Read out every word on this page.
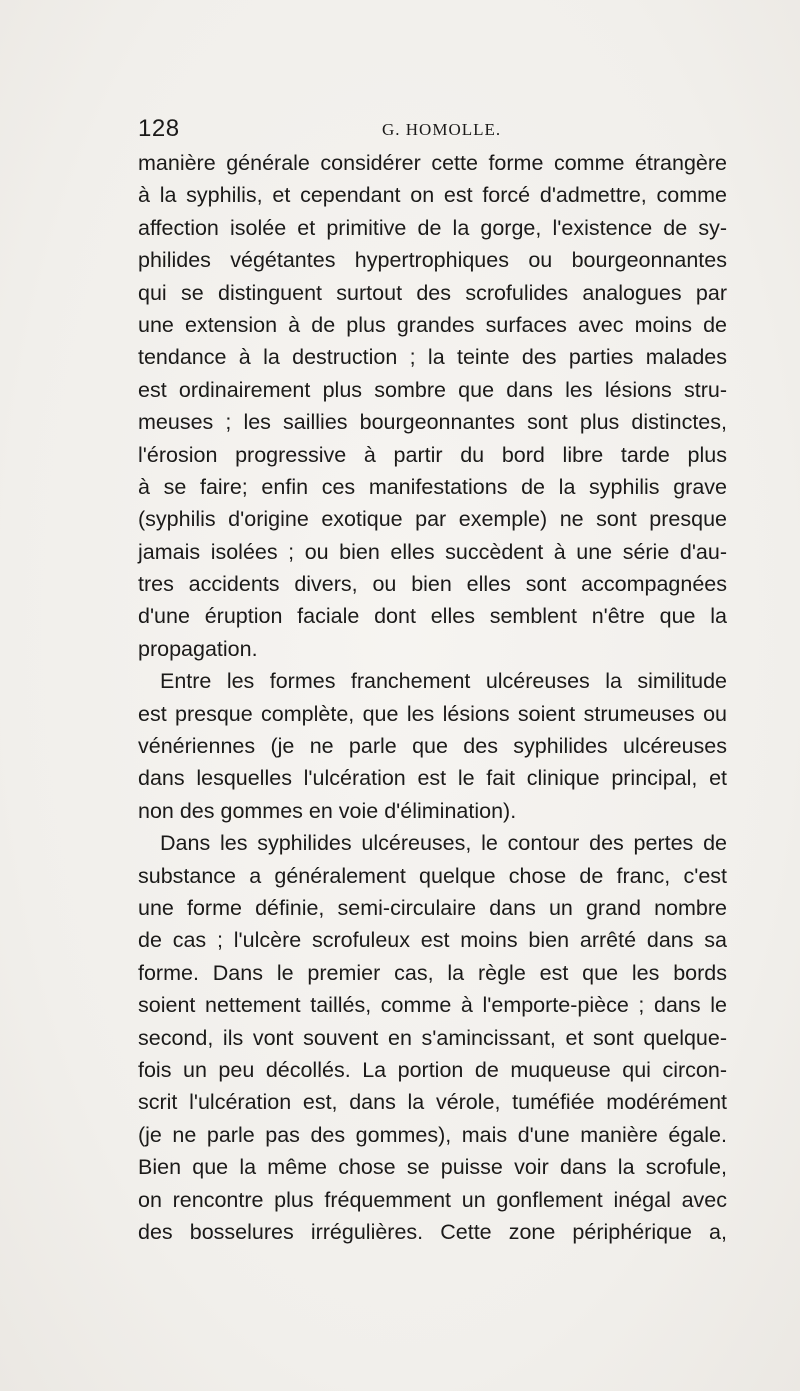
128	G. HOMOLLE.
manière générale considérer cette forme comme étrangère
à la syphilis, et cependant on est forcé d'admettre, comme
affection isolée et primitive de la gorge, l'existence de sy-
philides végétantes hypertrophiques ou bourgeonnantes
qui se distinguent surtout des scrofulides analogues par
une extension à de plus grandes surfaces avec moins de
tendance à la destruction ; la teinte des parties malades
est ordinairement plus sombre que dans les lésions stru-
meuses ; les saillies bourgeonnantes sont plus distinctes,
l'érosion progressive à partir du bord libre tarde plus
à se faire; enfin ces manifestations de la syphilis grave
(syphilis d'origine exotique par exemple) ne sont presque
jamais isolées ; ou bien elles succèdent à une série d'au-
tres accidents divers, ou bien elles sont accompagnées
d'une éruption faciale dont elles semblent n'être que la
propagation.
Entre les formes franchement ulcéreuses la similitude
est presque complète, que les lésions soient strumeuses ou
vénériennes (je ne parle que des syphilides ulcéreuses
dans lesquelles l'ulcération est le fait clinique principal, et
non des gommes en voie d'élimination).
Dans les syphilides ulcéreuses, le contour des pertes de
substance a généralement quelque chose de franc, c'est
une forme définie, semi-circulaire dans un grand nombre
de cas ; l'ulcère scrofuleux est moins bien arrêté dans sa
forme. Dans le premier cas, la règle est que les bords
soient nettement taillés, comme à l'emporte-pièce ; dans le
second, ils vont souvent en s'amincissant, et sont quelque-
fois un peu décollés. La portion de muqueuse qui circon-
scrit l'ulcération est, dans la vérole, tuméfiée modérément
(je ne parle pas des gommes), mais d'une manière égale.
Bien que la même chose se puisse voir dans la scrofule,
on rencontre plus fréquemment un gonflement inégal avec
des bosselures irrégulières. Cette zone périphérique a,
